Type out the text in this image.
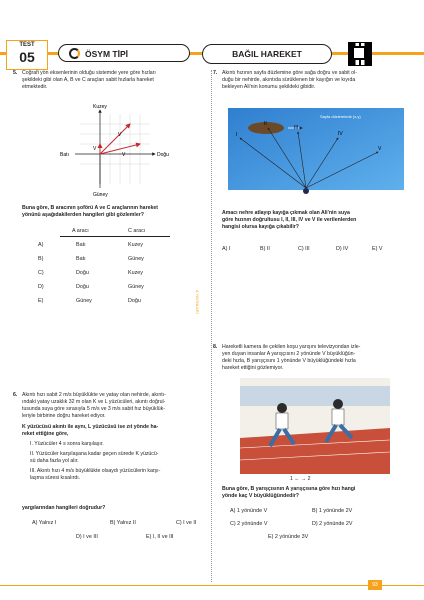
TEST
05	ÖSYM TİPİ	BAĞIL HAREKET
5. Coğrafi yön eksenlerinin olduğu sistemde yere göre hızları
şekildeki gibi olan A, B ve C araçları sabit hızlarla hareket
etmektedir.
Kuzey
Güney
Batı	Doğu
V
V
V
Buna göre, B aracının şoförü A ve C araçlarının hareket
yönünü aşağıdakilerden hangileri gibi gözlemler?
A aracı	C aracı
A)	Batı	Kuzey
B)	Batı	Güney
C)	Doğu	Kuzey
D)	Doğu	Güney
E)	Güney	Doğu
6. Akıntı hızı sabit 2 m/s büyüklükte ve yatay olan nehirde, akıntı-
ındaki yatay uzaklık 32 m olan K ve L yüzücüleri, akıntı doğrul-
tusunda suya göre sırasıyla 5 m/s ve 3 m/s sabit hız büyüklük-
leriyle birbirine doğru hareket ediyor.
K yüzücüsü akıntı ile aynı, L yüzücüsü ise zıt yönde ha-
reket ettiğine göre,
I. Yüzücüler 4 s sonra karşılaşır.
II. Yüzücüler karşılaşana kadar geçen sürede K yüzücü-
sü daha fazla yol alır.
III. Akıntı hızı 4 m/s büyüklükte olsaydı yüzücülerin karşı-
laşma süresi kısalırdı.
yargılarından hangileri doğrudur?
A) Yalnız I	B) Yalnız II	C) I ve II
D) I ve III	E) I, II ve III
7. Akıntı hızının sayfa düzlemine göre sağa doğru ve sabit ol-
duğu bir nehirde, akıntıda sürüklenen bir kayığın ve kıyıda
bekleyen Ali'nin konumu şekildeki gibidir.
Sayfa düzleminde (x,y)
I
II
III
IV
V
Amacı nehre atlayıp kayığa çıkmak olan Ali'nin suya
göre hızının doğrultusu I, II, III, IV ve V ile verilenlerden
hangisi olursa kayığa çıkabilir?
A) I	B) II	C) III	D) IV	E) V
8. Hareketli kamera ile çekilen koşu yarışını televizyondan izle-
yen duyan insanlar A yarışçısını 2 yönünde V büyüklüğün-
deki hızla, B yarışçısını 1 yönünde V büyüklüğündeki hızla
hareket ettiğini gözlemiyor.
1 ← → 2
Buna göre, B yarışçısının A yarışçısına göre hızı hangi
yönde kaç V büyüklüğündedir?
A) 1 yönünde V	B) 1 yönünde 2V
C) 2 yönünde V	D) 2 yönünde 2V
E) 2 yönünde 3V
A YAYINLARI
93
